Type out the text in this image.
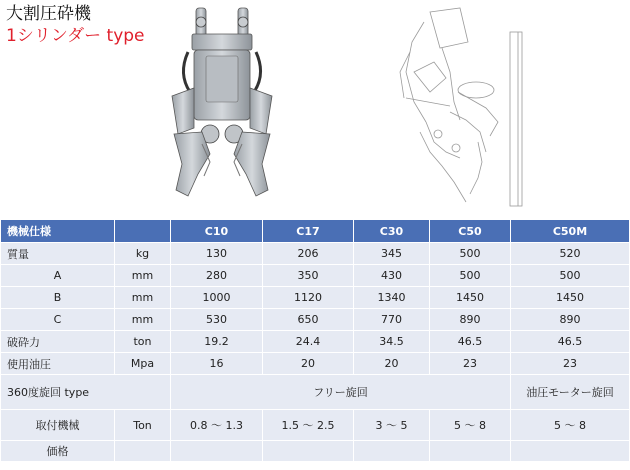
大割圧砕機
1シリンダー type
機械仕様		C10	C17	C30	C50	C50M
質量	kg	130	206	345	500	520
A	mm	280	350	430	500	500
B	mm	1000	1120	1340	1450	1450
C	mm	530	650	770	890	890
破砕力	ton	19.2	24.4	34.5	46.5	46.5
使用油圧	Mpa	16	20	20	23	23
360度旋回 type		フリー旋回				油圧モーター旋回
取付機械	Ton	0.8 ～ 1.3	1.5 ～ 2.5	3 ～ 5	5 ～ 8	5 ～ 8
価格						
